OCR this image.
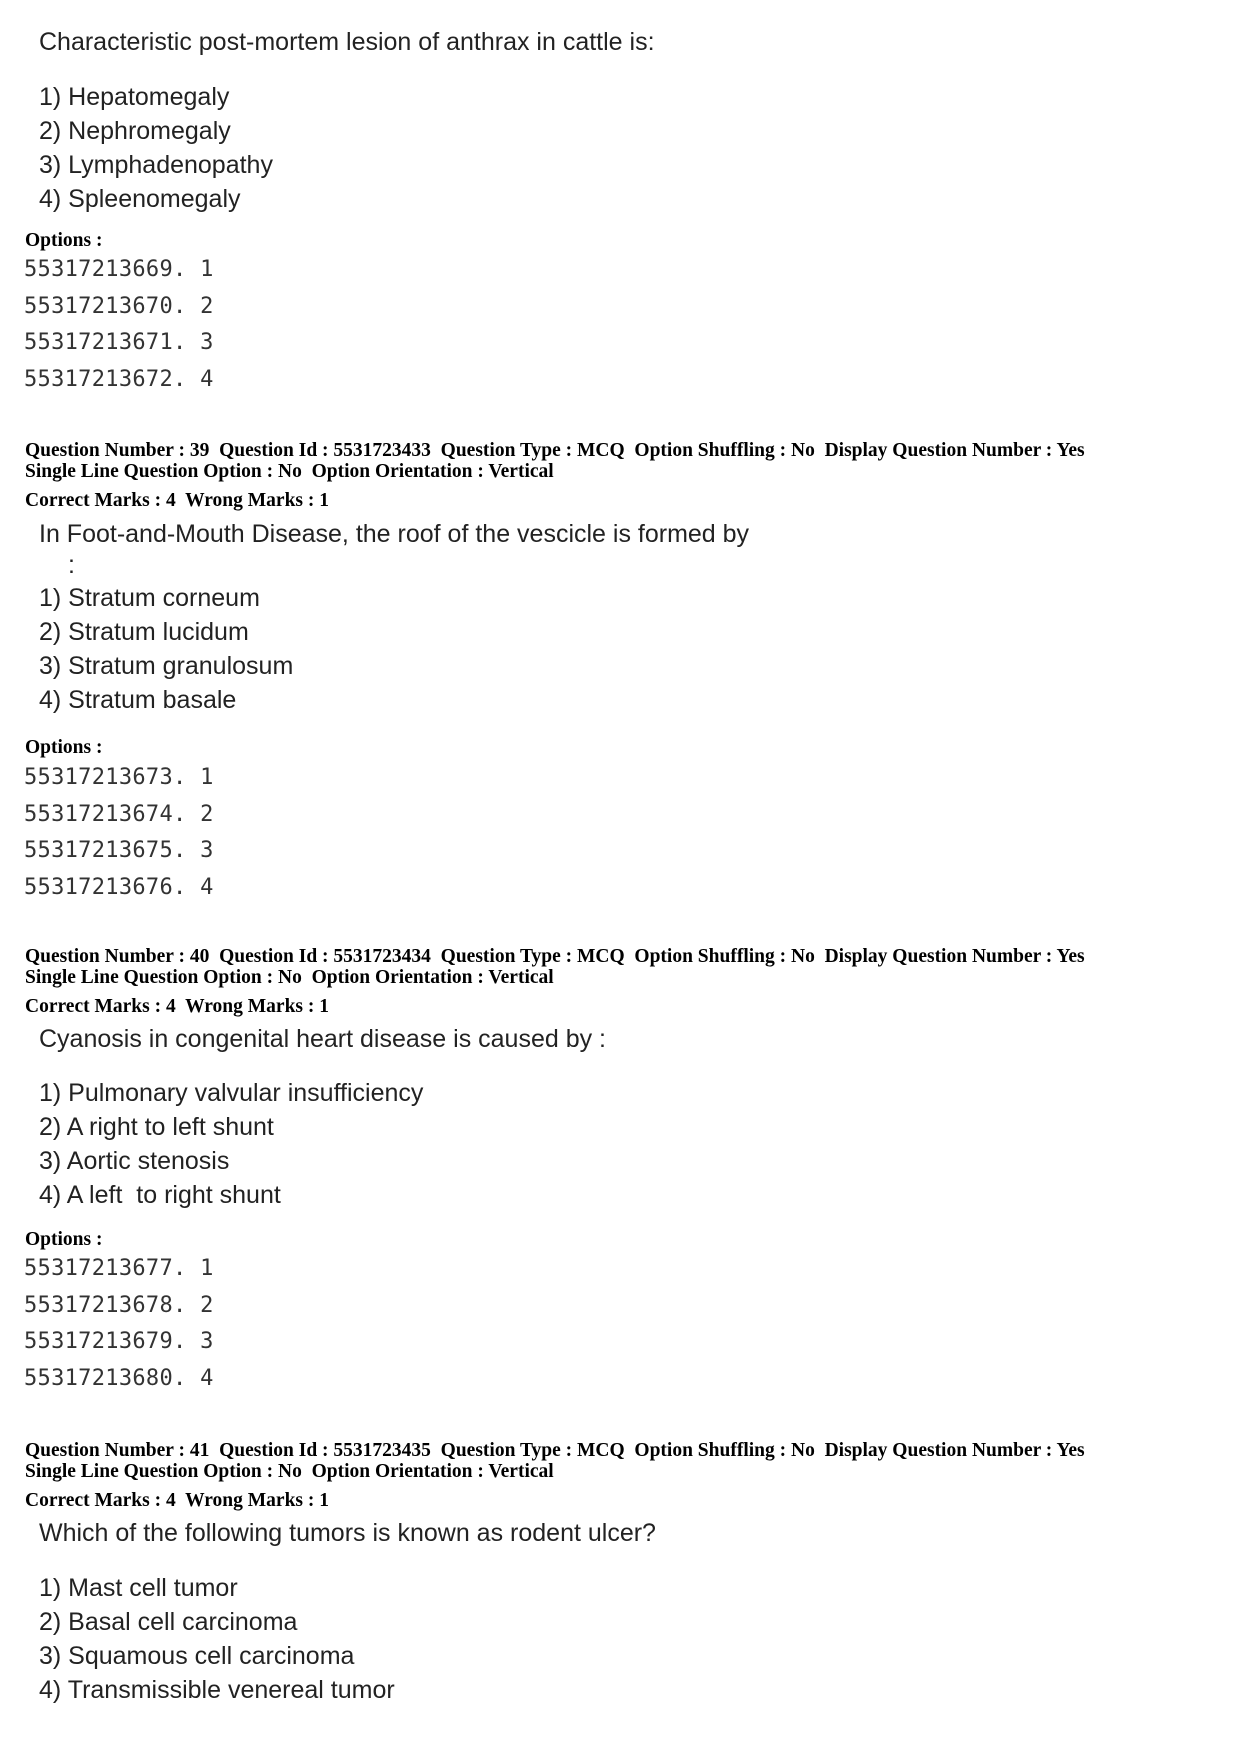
Characteristic post-mortem lesion of anthrax in cattle is:
1) Hepatomegaly
2) Nephromegaly
3) Lymphadenopathy
4) Spleenomegaly
Options :
55317213669. 1
55317213670. 2
55317213671. 3
55317213672. 4
Question Number : 39  Question Id : 5531723433  Question Type : MCQ  Option Shuffling : No  Display Question Number : Yes
Single Line Question Option : No  Option Orientation : Vertical
Correct Marks : 4  Wrong Marks : 1
In Foot-and-Mouth Disease, the roof of the vescicle is formed by
:
1) Stratum corneum
2) Stratum lucidum
3) Stratum granulosum
4) Stratum basale
Options :
55317213673. 1
55317213674. 2
55317213675. 3
55317213676. 4
Question Number : 40  Question Id : 5531723434  Question Type : MCQ  Option Shuffling : No  Display Question Number : Yes
Single Line Question Option : No  Option Orientation : Vertical
Correct Marks : 4  Wrong Marks : 1
Cyanosis in congenital heart disease is caused by :
1) Pulmonary valvular insufficiency
2) A right to left shunt
3) Aortic stenosis
4) A left  to right shunt
Options :
55317213677. 1
55317213678. 2
55317213679. 3
55317213680. 4
Question Number : 41  Question Id : 5531723435  Question Type : MCQ  Option Shuffling : No  Display Question Number : Yes
Single Line Question Option : No  Option Orientation : Vertical
Correct Marks : 4  Wrong Marks : 1
Which of the following tumors is known as rodent ulcer?
1) Mast cell tumor
2) Basal cell carcinoma
3) Squamous cell carcinoma
4) Transmissible venereal tumor
